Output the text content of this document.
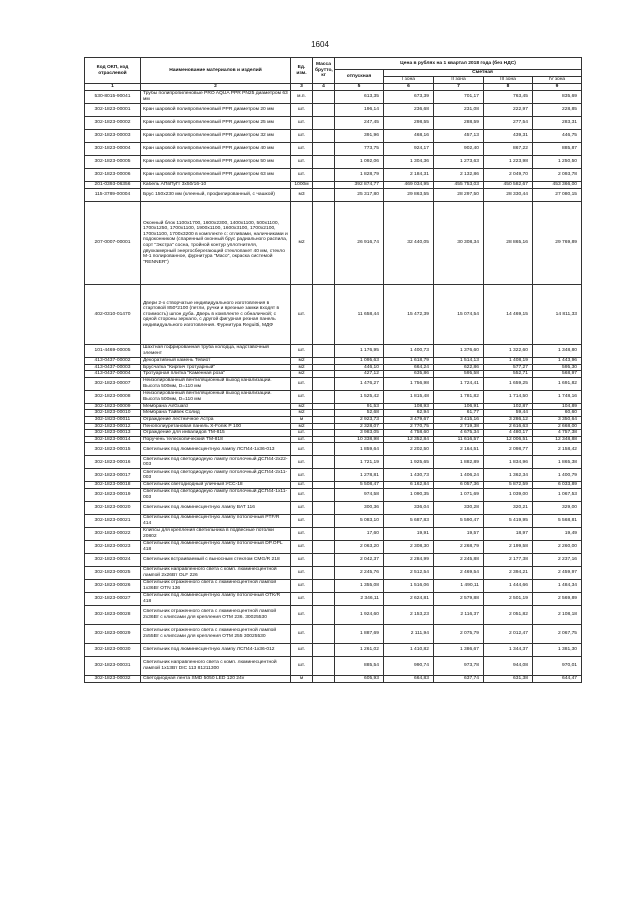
1604
Код ОКП, код отраслевой	Наименование материалов и изделий	Ед. изм.	Масса брутто, кг	Цена в рублях на 1 квартал 2018 года (без НДС)				
				отпускная	Сметная			
					I зона	II зона	III зона	IV зона
1	2	3	4	5	6	7	8	9
530-8015-90041	Трубы полипропиленовые PRO AQUA PPR PN25 диаметром 63 мм	м.п.		613,35	673,39	701,17	763,45	835,69
302-1823-00001	Кран шаровой полипропиленовый PPR диаметром 20 мм	шт.		196,14	236,68	231,08	222,97	228,85
302-1823-00002	Кран шаровой полипропиленовый PPR диаметром 25 мм	шт.		247,45	298,55	288,59	277,54	283,31
302-1823-00003	Кран шаровой полипропиленовый PPR диаметром 32 мм	шт.		391,96	468,16	457,13	439,31	446,75
302-1823-00004	Кран шаровой полипропиленовый PPR диаметром 40 мм	шт.		773,75	924,17	902,40	867,22	885,87
302-1823-00005	Кран шаровой полипропиленовый PPR диаметром 50 мм	шт.		1 092,06	1 304,36	1 273,63	1 223,98	1 250,50
302-1823-00006	Кран шаровой полипропиленовый PPR диаметром 63 мм	шт.		1 828,79	2 184,31	2 132,86	2 049,70	2 093,78
201-0393-06356	Кабель АПвПуГг 3х50/16-10	1000м		392 874,77	469 034,95	455 753,03	450 582,67	453 366,00
115-3789-00004	Брус 150х230 мм (клееный, профилированный, с чашкой)	м3		25 317,80	29 863,55	28 297,50	28 330,44	27 080,15
207-0007-00001	Оконный блок 1100х1700, 1600х2300, 1400х1100, 500х1100, 1700х1250, 1700х1100, 1900х1100, 1600х3100, 1700х2100, 1700х1100, 1700х3200 в комплекте с: отливами, наличниками и подоконником (спаренный оконный брус радиального распила, сорт "Экстра" сосна, тройной контур уплотнителя, двухкамерный энергосберегающий стеклопакет 40 мм, стекло М-1 полированное, фурнитура "Maco", окраска системой "RENNER")	м2		26 916,74	32 440,05	30 308,34	28 865,16	29 769,89
402-0310-01470	Двери 2-х створчатые индивидуального изготовления в стартовой 850*2100 (петли, ручки и врезные замки входят в стоимость) шпон дуба. Дверь в комплекте с обналичкой; с одной стороны зеркало, с другой фигурная резная панель индивидуального изготовления. Фурнитура Reguitti, МДФ	шт.		11 658,44	15 472,39	15 074,54	14 469,15	14 811,33
101-4469-00005	Шахтная гофрированная труба колодца, надставочный элемент	шт.		1 176,95	1 400,73	1 376,60	1 322,60	1 348,80
413-0437-00002	Декоративный камень Тевиот	м2		1 095,63	1 618,79	1 514,13	1 408,19	1 443,96
413-0437-00003	Брусчатка "Кирпич тротуарный"	м2		446,10	664,24	622,86	577,27	595,30
413-0437-00004	Тротуарная плитка "Каменная роза"	м2		427,12	635,86	595,58	552,71	568,97
302-1823-00007	Неизолированный вентиляционный выход канализации. Высота 500мм, D=110 мм	шт.		1 476,27	1 756,98	1 724,41	1 659,25	1 691,82
302-1823-00008	Неизолированный вентиляционный выход канализации. Высота 500мм, D=110 мм	шт.		1 525,42	1 815,48	1 781,82	1 714,50	1 748,16
302-1823-00009	Мембрана AirGuard	м2		91,53	108,93	106,91	102,87	104,89
302-1823-00010	Мембрана Тайвек Солид	м2		52,68	62,94	61,77	59,44	60,60
302-1823-00011	Ограждение лестничное Астра	м		2 923,73	3 479,67	3 415,16	3 286,12	3 350,64
302-1823-00012	Пенополиуретановая панель Х-Fonik Р 100	м2		2 328,07	2 770,75	2 719,38	2 616,63	2 668,00
302-1823-00013	Ограждение для инвалидов ТМ-815	шт.		3 983,05	4 758,60	4 675,34	4 480,17	4 757,38
302-1823-00014	Поручень телескопический ТМ-818	шт.		10 338,98	12 352,84	11 616,57	12 006,51	12 348,88
302-1823-00015	Светильник под люминесцентную лампу ЛСП44-1х36-013	шт.		1 859,64	2 202,50	2 164,51	2 098,77	2 158,42
302-1823-00016	Светильник под светодиодную лампу потолочный ДСП44-2х22-003	шт.		1 721,19	1 925,65	1 882,89	1 834,96	1 865,38
302-1823-00017	Светильник под светодиодную лампу потолочный ДСП44-2х11-003	шт.		1 278,81	1 430,73	1 406,24	1 362,34	1 400,79
302-1823-00018	Светильник светодиодный уличный УСС-18	шт.		5 508,47	6 162,84	6 057,36	5 872,59	6 033,89
302-1823-00019	Светильник под светодиодную лампу потолочный ДСП44-1х11-003	шт.		974,58	1 090,35	1 071,69	1 039,00	1 067,53
302-1823-00020	Светильник под люминесцентную лампу ВАТ 116	шт.		300,36	336,04	330,28	320,21	329,00
302-1823-00021	Светильник под люминесцентную лампу потолочный PTF/R 414	шт.		5 083,10	5 687,83	5 590,47	5 419,95	5 568,81
302-1823-00022	Клипсы для крепления светильника в подвесные потолки 20802	шт.		17,60	19,91	19,57	18,97	19,49
302-1823-00023	Светильник под люминесцентную лампу потолочный DP.OPL 418	шт.		2 063,20	2 308,30	2 268,79	2 199,58	2 260,00
302-1823-00024	Светильник встраиваемый с выносным стеклом CMG/R 218	шт.		2 042,37	2 284,99	2 245,88	2 177,38	2 237,16
302-1823-00025	Светильник направленного света с комп. люминесцентной лампой 2х26Вт OLF 226	шт.		2 245,76	2 512,54	2 469,54	2 394,21	2 459,97
302-1823-00026	Светильник отраженного света с люминесцентной лампой 1х36Вт OTN 136	шт.		1 355,08	1 516,06	1 490,11	1 444,66	1 484,34
302-1823-00027	Светильник под люминесцентную лампу потолочный OTK/R 418	шт.		2 346,11	2 624,81	2 579,88	2 501,19	2 569,89
302-1823-00028	Светильник отраженного света с люминесцентной лампой 2х36Вт с клипсами для крепления OTM 236. 30025530	шт.		1 924,60	2 153,23	2 116,37	2 051,82	2 108,18
302-1823-00029	Светильник отраженного света с люминесцентной лампой 2х55Вт с клипсами для крепления OTM 255 30025530	шт.		1 887,69	2 111,94	2 075,79	2 012,47	2 067,75
302-1823-00030	Светильник под люминесцентную лампу ЛСП44-1х36-012	шт.		1 261,02	1 410,82	1 386,67	1 344,37	1 381,30
302-1823-00031	Светильник направленного света с комп. люминесцентной лампой 1х13Вт DIC 113 81211300	шт.		885,54	990,74	973,78	944,08	970,01
302-1823-00032	Светодиодная лента SMD 5050 LED 120 24v	м		605,93	664,83	637,74	631,38	644,47
